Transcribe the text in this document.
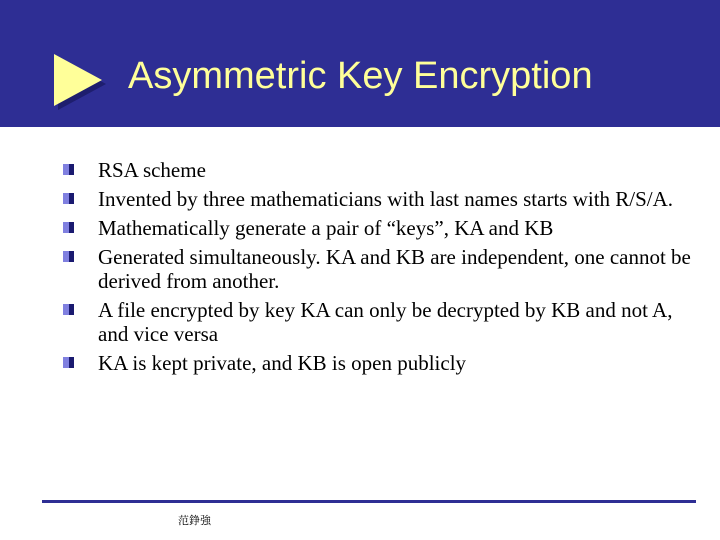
Asymmetric Key Encryption
RSA scheme
Invented by three mathematicians with last names starts with R/S/A.
Mathematically generate a pair of “keys”, KA and KB
Generated simultaneously. KA and KB are independent, one cannot be derived from another.
A file encrypted by key KA can only be decrypted by KB and not A, and vice versa
KA is kept private, and KB is open publicly
范錚強
